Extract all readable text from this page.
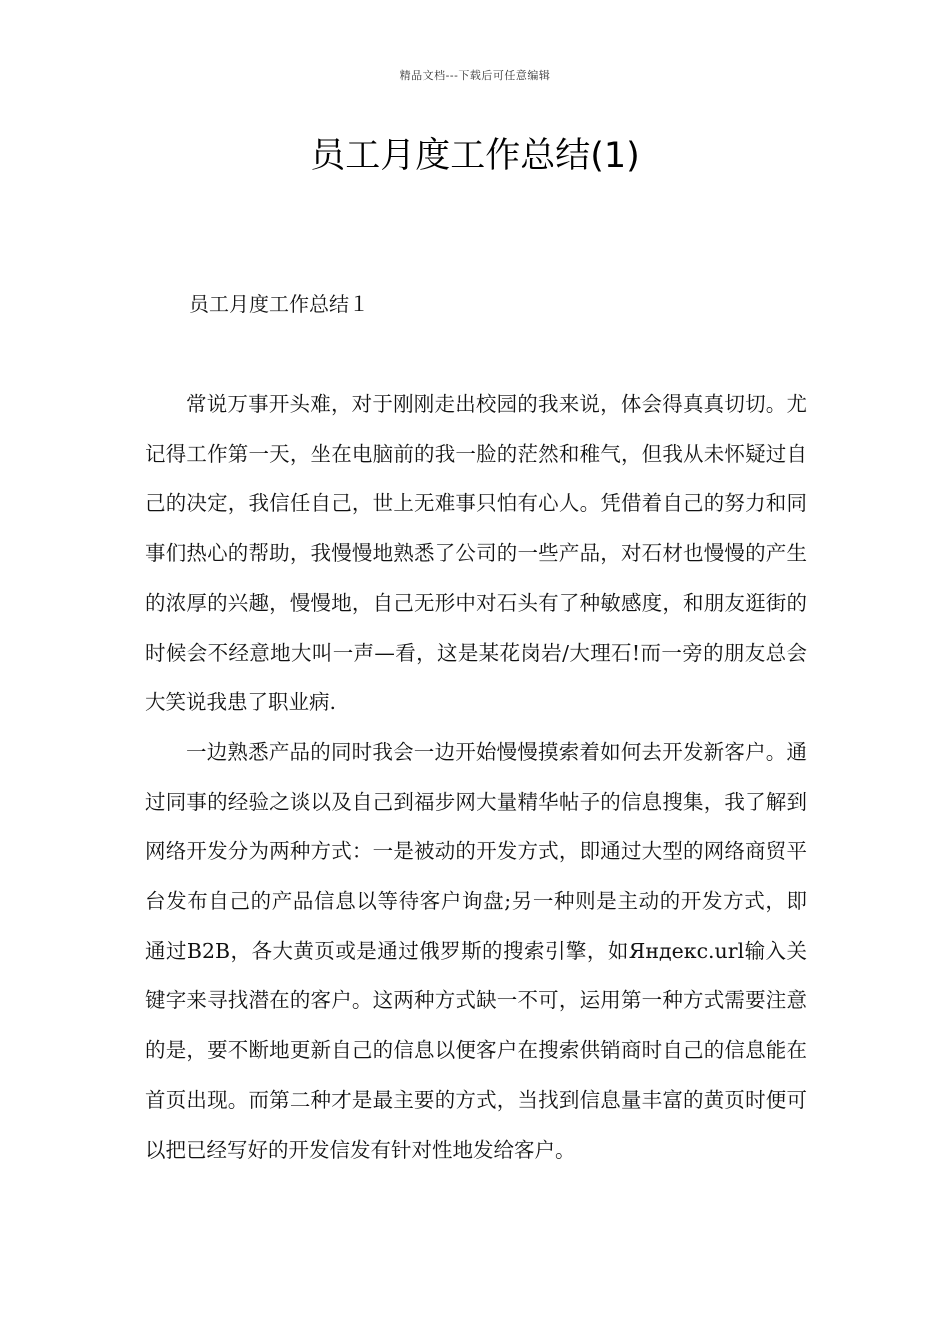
精品文档---下载后可任意编辑
员工月度工作总结(1)
员工月度工作总结１

常说万事开头难，对于刚刚走出校园的我来说，体会得真真切切。尤记得工作第一天，坐在电脑前的我一脸的茫然和稚气，但我从未怀疑过自己的决定，我信任自己，世上无难事只怕有心人。凭借着自己的努力和同事们热心的帮助，我慢慢地熟悉了公司的一些产品，对石材也慢慢的产生的浓厚的兴趣，慢慢地，自己无形中对石头有了种敏感度，和朋友逛街的时候会不经意地大叫一声—看，这是某花岗岩/大理石!而一旁的朋友总会大笑说我患了职业病.

一边熟悉产品的同时我会一边开始慢慢摸索着如何去开发新客户。通过同事的经验之谈以及自己到福步网大量精华帖子的信息搜集，我了解到网络开发分为两种方式：一是被动的开发方式，即通过大型的网络商贸平台发布自己的产品信息以等待客户询盘;另一种则是主动的开发方式，即通过B2B，各大黄页或是通过俄罗斯的搜索引擎，如Яндекс.url输入关键字来寻找潜在的客户。这两种方式缺一不可，运用第一种方式需要注意的是，要不断地更新自己的信息以便客户在搜索供销商时自己的信息能在首页出现。而第二种才是最主要的方式，当找到信息量丰富的黄页时便可以把已经写好的开发信发有针对性地发给客户。
